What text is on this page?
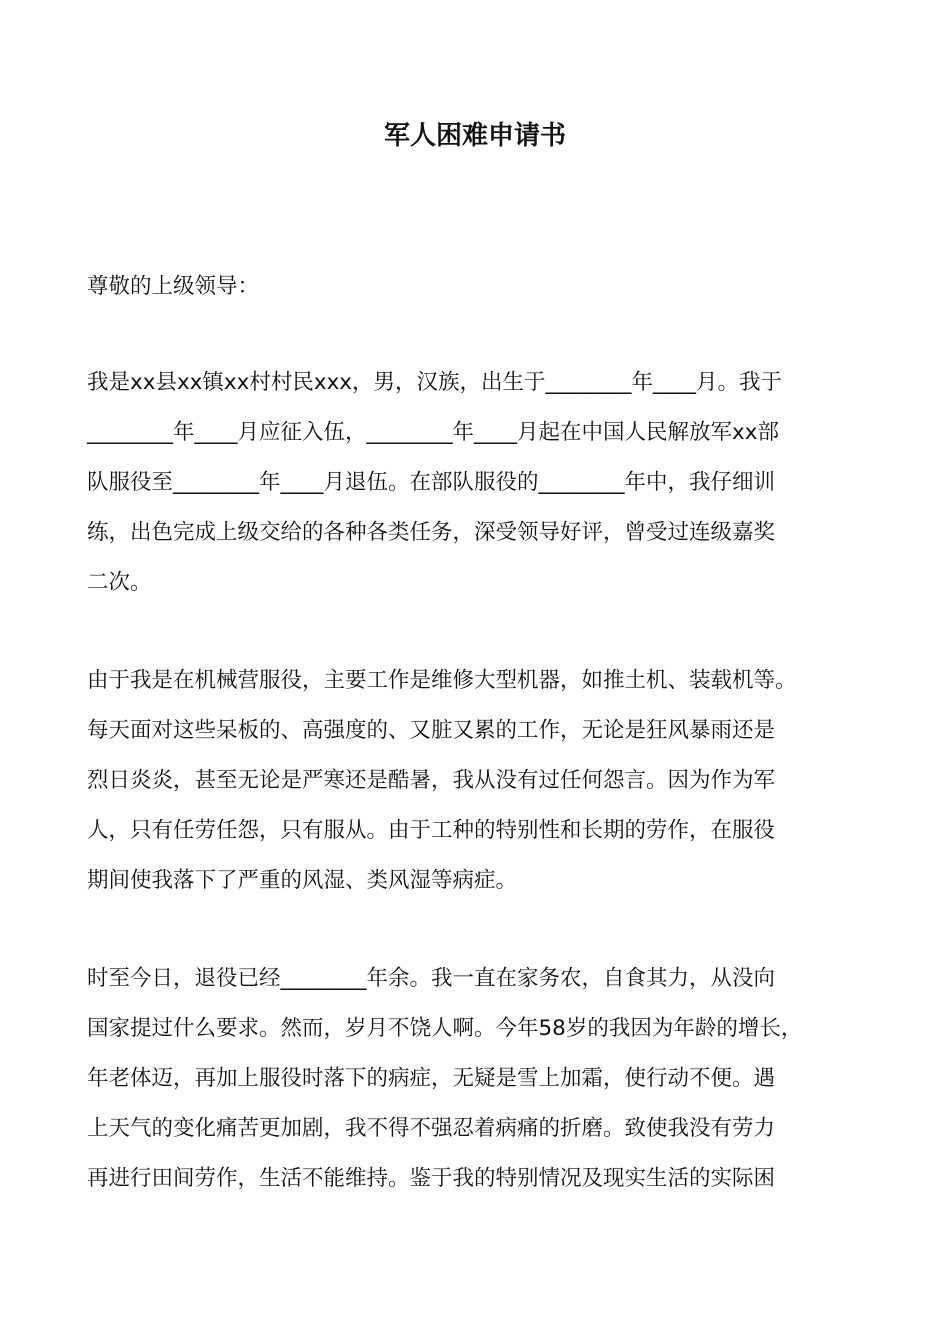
军人困难申请书
尊敬的上级领导：
我是xx县xx镇xx村村民xxx，男，汉族，出生于________年____月。我于
________年____月应征入伍，________年____月起在中国人民解放军xx部
队服役至________年____月退伍。在部队服役的________年中，我仔细训
练，出色完成上级交给的各种各类任务，深受领导好评，曾受过连级嘉奖
二次。
由于我是在机械营服役，主要工作是维修大型机器，如推土机、装载机等。
每天面对这些呆板的、高强度的、又脏又累的工作，无论是狂风暴雨还是
烈日炎炎，甚至无论是严寒还是酷暑，我从没有过任何怨言。因为作为军
人，只有任劳任怨，只有服从。由于工种的特别性和长期的劳作，在服役
期间使我落下了严重的风湿、类风湿等病症。
时至今日，退役已经________年余。我一直在家务农，自食其力，从没向
国家提过什么要求。然而，岁月不饶人啊。今年58岁的我因为年龄的增长，
年老体迈，再加上服役时落下的病症，无疑是雪上加霜，使行动不便。遇
上天气的变化痛苦更加剧，我不得不强忍着病痛的折磨。致使我没有劳力
再进行田间劳作，生活不能维持。鉴于我的特别情况及现实生活的实际困
